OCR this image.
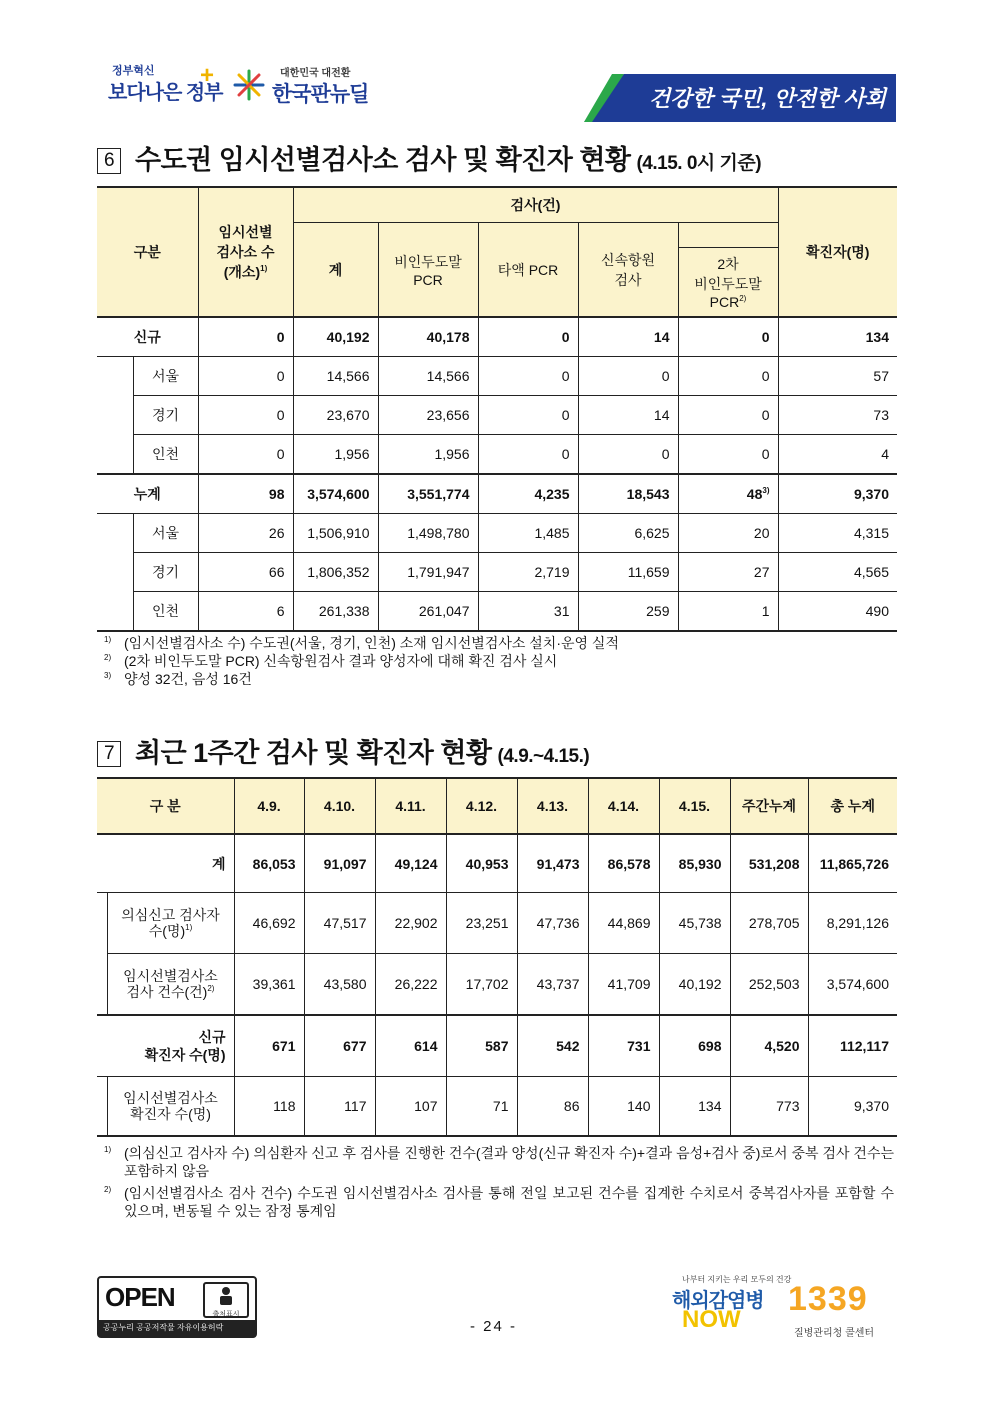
정부혁신
보다나은 정부
+	대한민국 대전환
한국판뉴딜	건강한 국민, 안전한 사회
6 수도권 임시선별검사소 검사 및 확진자 현황 (4.15. 0시 기준)
구분		임시선별
검사소 수
(개소)$^{1)}$	검사(건)					확진자(명)
			계	비인두도말
PCR	타액 PCR	신속항원
검사		
							2차
비인두도말
PCR$^{2)}$
신규		0	40,192	40,178	0	14	0	134
	서울	0	14,566	14,566	0	0	0	57
	경기	0	23,670	23,656	0	14	0	73
	인천	0	1,956	1,956	0	0	0	4
누계		98	3,574,600	3,551,774	4,235	18,543	48$^{3)}$	9,370
	서울	26	1,506,910	1,498,780	1,485	6,625	20	4,315
	경기	66	1,806,352	1,791,947	2,719	11,659	27	4,565
	인천	6	261,338	261,047	31	259	1	490
1) (임시선별검사소 수) 수도권(서울, 경기, 인천) 소재 임시선별검사소 설치·운영 실적
2) (2차 비인두도말 PCR) 신속항원검사 결과 양성자에 대해 확진 검사 실시
3) 양성 32건, 음성 16건
7 최근 1주간 검사 및 확진자 현황 (4.9.~4.15.)
구 분		4.9.	4.10.	4.11.	4.12.	4.13.	4.14.	4.15.	주간누계	총 누계
계		86,053	91,097	49,124	40,953	91,473	86,578	85,930	531,208	11,865,726
	의심신고 검사자
수(명)$^{1)}$	46,692	47,517	22,902	23,251	47,736	44,869	45,738	278,705	8,291,126
	임시선별검사소
검사 건수(건)$^{2)}$	39,361	43,580	26,222	17,702	43,737	41,709	40,192	252,503	3,574,600
신규
확진자 수(명)		671	677	614	587	542	731	698	4,520	112,117
	임시선별검사소
확진자 수(명)	118	117	107	71	86	140	134	773	9,370
1) (의심신고 검사자 수) 의심환자 신고 후 검사를 진행한 건수(결과 양성(신규 확진자 수)+결과 음성+검사 중)로서 중복 검사 건수는 포함하지 않음
2) (임시선별검사소 검사 건수) 수도권 임시선별검사소 검사를 통해 전일 보고된 건수를 집계한 수치로서 중복검사자를 포함할 수 있으며, 변동될 수 있는 잠정 통계임
OPEN
출처표시
공공누리 공공저작물 자유이용허락	- 24 -
나부터 지키는 우리 모두의 건강
해외감염병
NOW
1339
질병관리청 콜센터
